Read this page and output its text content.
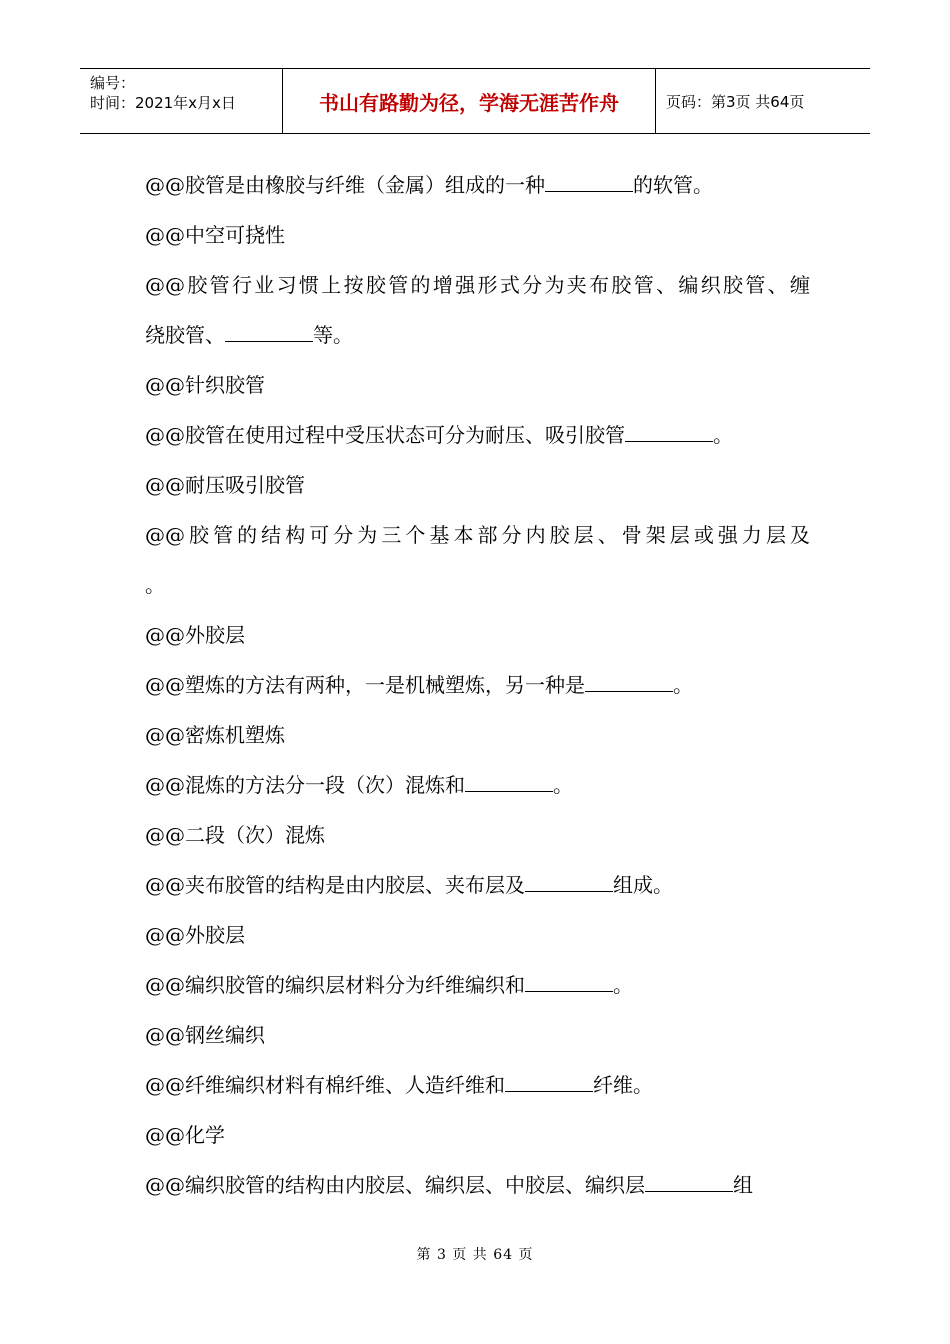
编号：
时间：2021年x月x日	书山有路勤为径，学海无涯苦作舟	页码：第3页 共64页
@@胶管是由橡胶与纤维（金属）组成的一种	的软管。
@@中空可挠性
@@胶管行业习惯上按胶管的增强形式分为夹布胶管、编织胶管、缠
绕胶管、	等。
@@针织胶管
@@胶管在使用过程中受压状态可分为耐压、吸引胶管	。
@@耐压吸引胶管
@@胶管的结构可分为三个基本部分内胶层、骨架层或强力层及
。
@@外胶层
@@塑炼的方法有两种，一是机械塑炼，另一种是	。
@@密炼机塑炼
@@混炼的方法分一段（次）混炼和	。
@@二段（次）混炼
@@夹布胶管的结构是由内胶层、夹布层及	组成。
@@外胶层
@@编织胶管的编织层材料分为纤维编织和	。
@@钢丝编织
@@纤维编织材料有棉纤维、人造纤维和	纤维。
@@化学
@@编织胶管的结构由内胶层、编织层、中胶层、编织层	组
第 3 页 共 64 页
